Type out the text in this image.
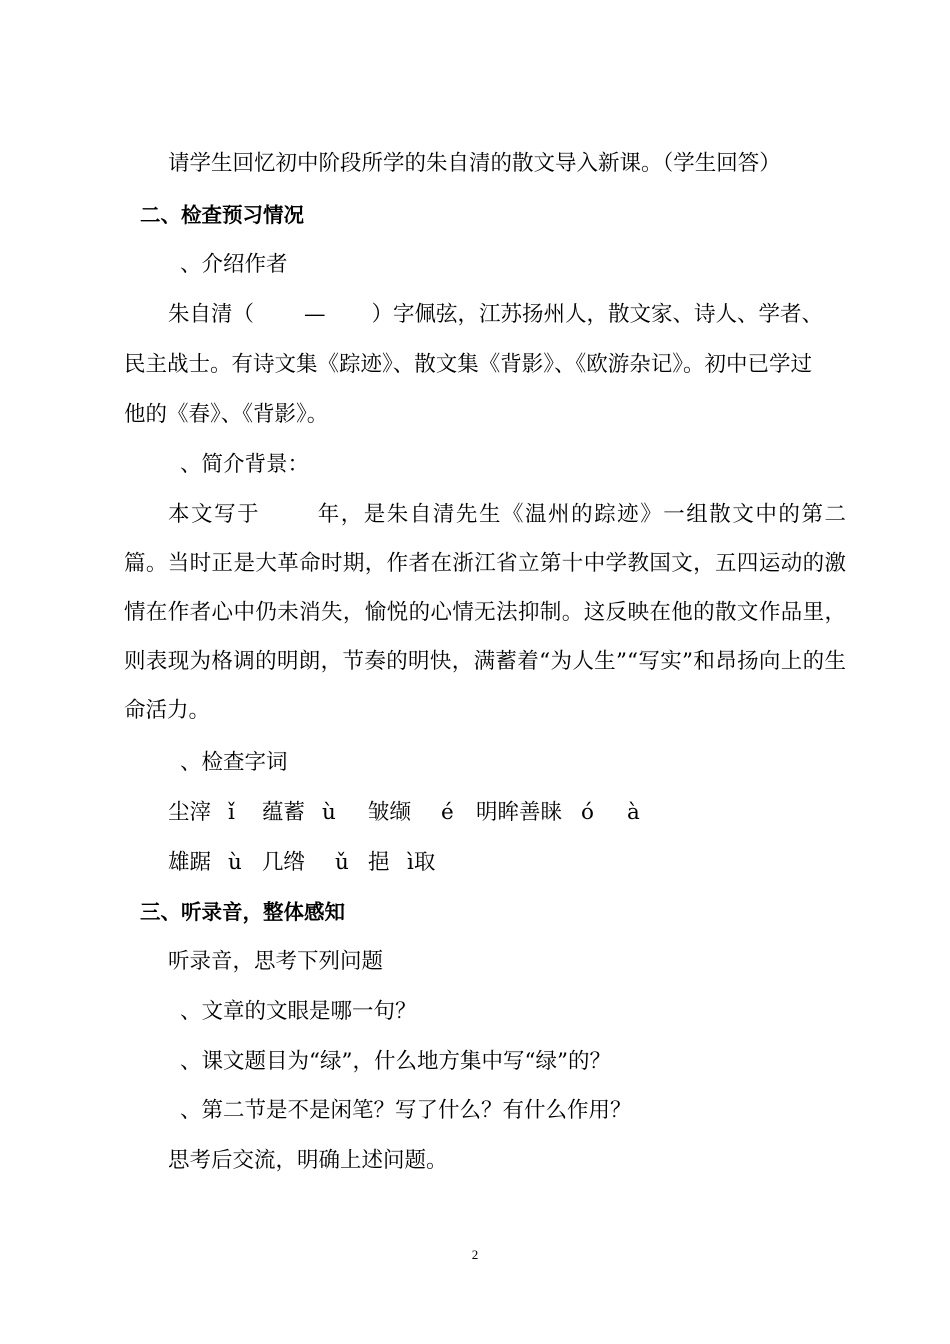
请学生回忆初中阶段所学的朱自清的散文导入新课。（学生回答）
二、检查预习情况
、介绍作者
朱自清（ — ）字佩弦，江苏扬州人，散文家、诗人、学者、
民主战士。有诗文集《踪迹》、散文集《背影》、《欧游杂记》。初中已学过
他的《春》、《背影》。
、简介背景：
本文写于	年，是朱自清先生《温州的踪迹》一组散文中的第二篇。当时正是大革命时期，作者在浙江省立第十中学教国文，五四运动的激情在作者心中仍未消失，愉悦的心情无法抑制。这反映在他的散文作品里，则表现为格调的明朗，节奏的明快，满蓄着“为人生”“写实”和昂扬向上的生命活力。
、检查字词
尘滓 ǐ 蕴蓄 ù 皱缬 é 明眸善睐 ó à
雄踞 ù 几绺 ǔ 挹 ì取
三、听录音，整体感知
听录音，思考下列问题
、文章的文眼是哪一句？
、课文题目为“绿”，什么地方集中写“绿”的？
、第二节是不是闲笔？写了什么？有什么作用？
思考后交流，明确上述问题。
2
